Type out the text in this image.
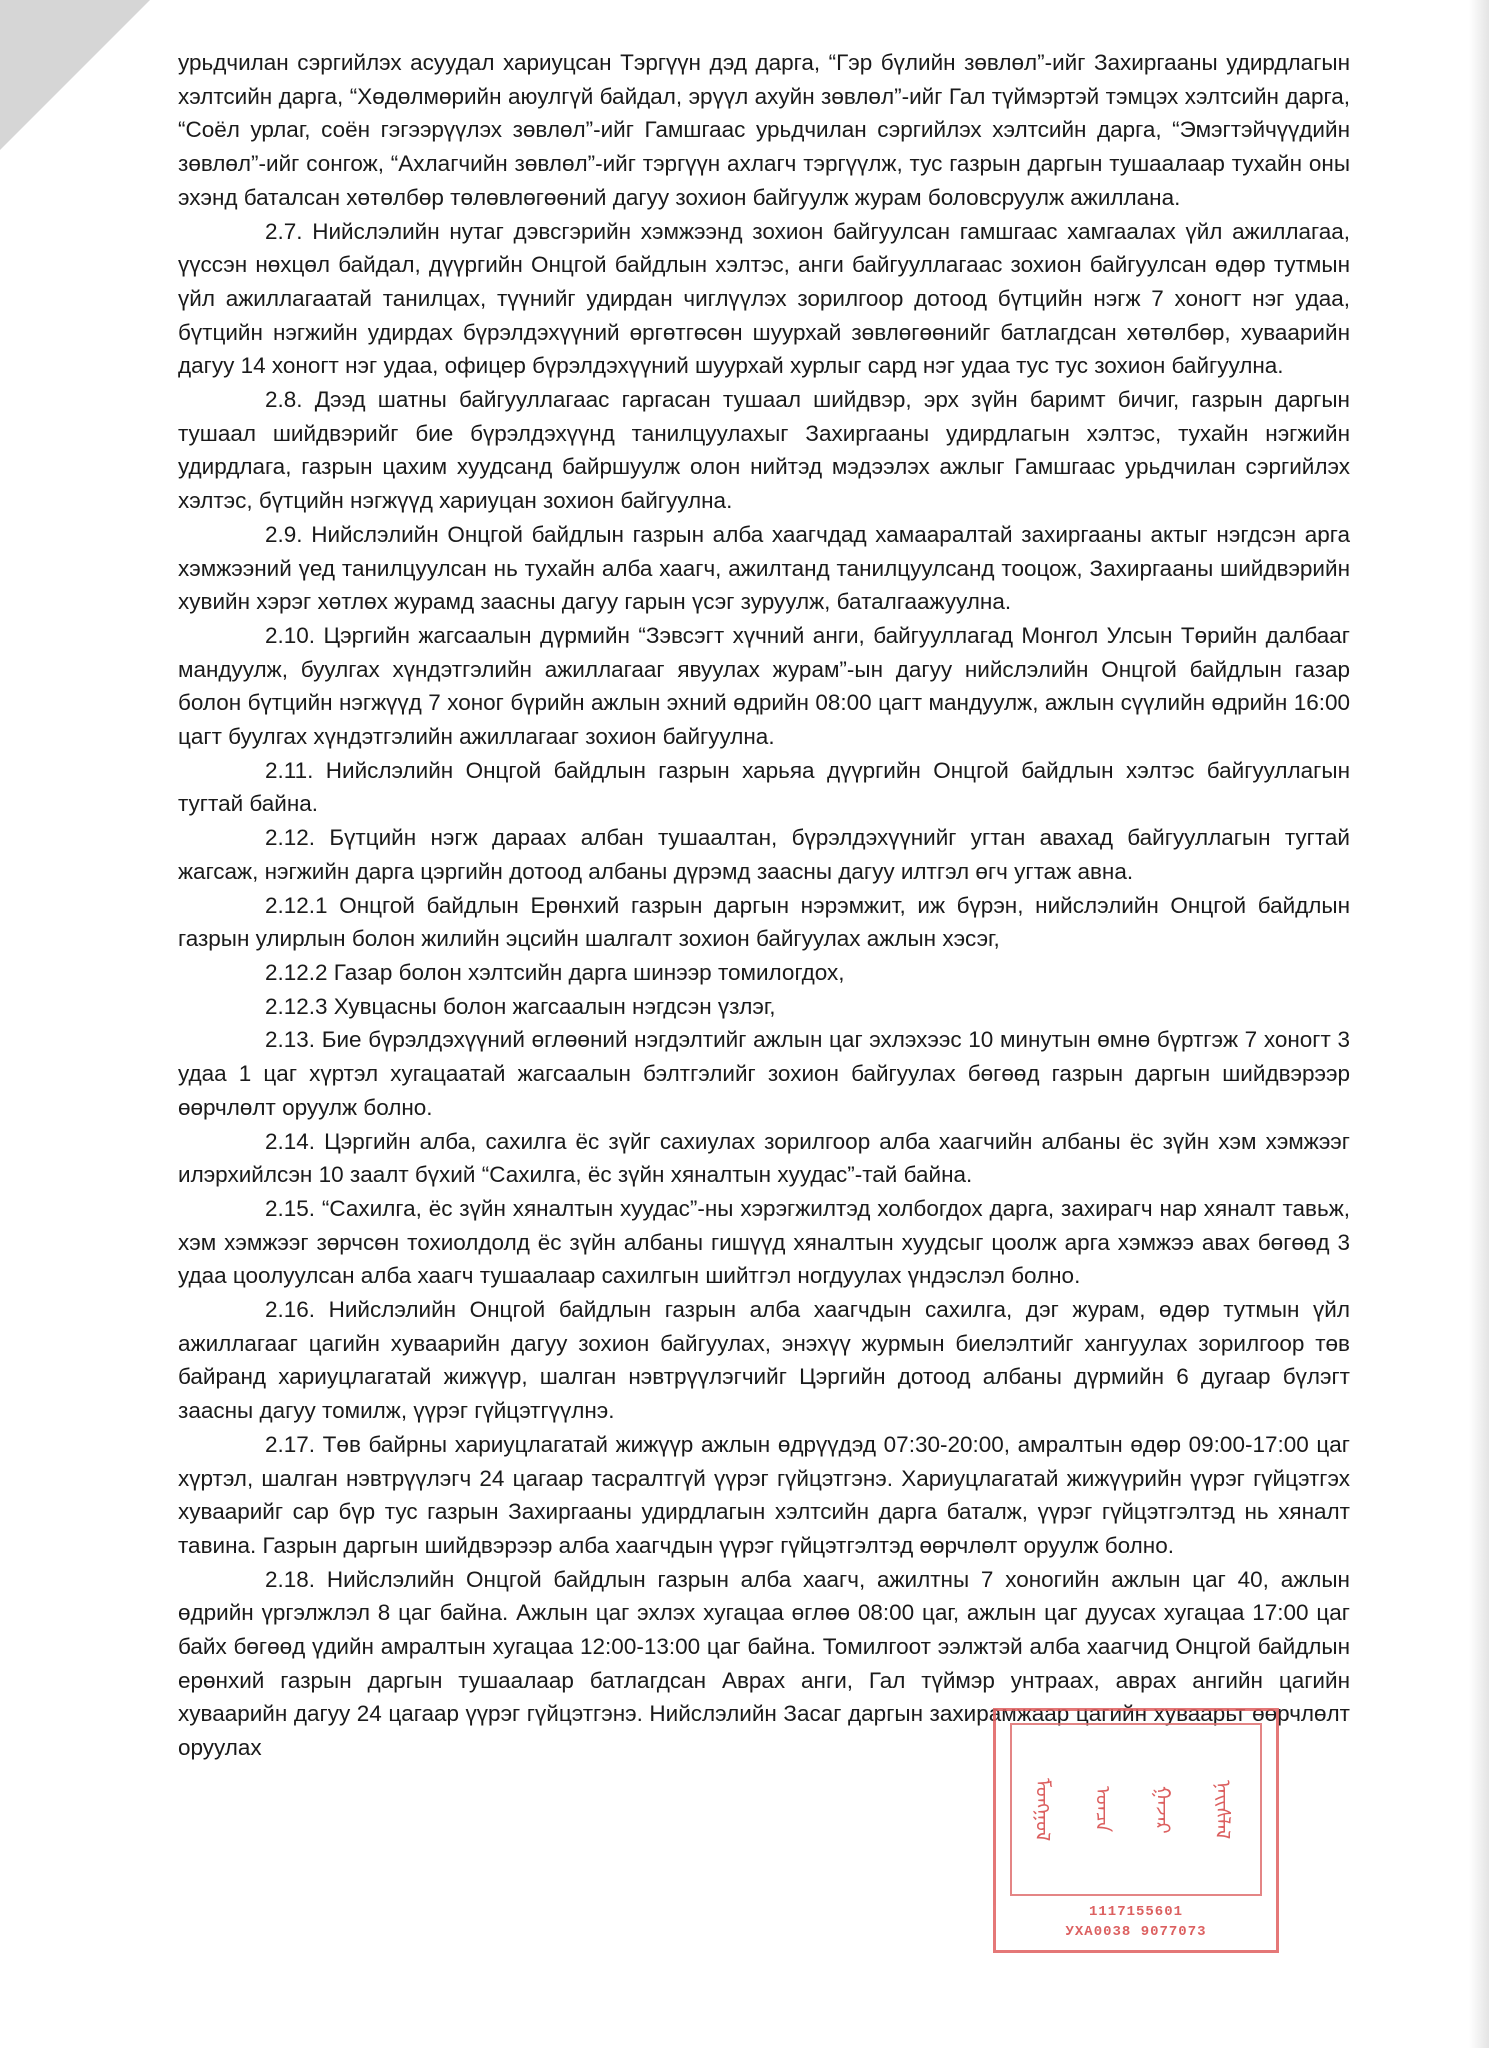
урьдчилан сэргийлэх асуудал хариуцсан Тэргүүн дэд дарга, “Гэр бүлийн зөвлөл”-ийг Захиргааны удирдлагын хэлтсийн дарга, “Хөдөлмөрийн аюулгүй байдал, эрүүл ахуйн зөвлөл”-ийг Гал түймэртэй тэмцэх хэлтсийн дарга, “Соёл урлаг, соён гэгээрүүлэх зөвлөл”-ийг Гамшгаас урьдчилан сэргийлэх хэлтсийн дарга, “Эмэгтэйчүүдийн зөвлөл”-ийг сонгож, “Ахлагчийн зөвлөл”-ийг тэргүүн ахлагч тэргүүлж, тус газрын даргын тушаалаар тухайн оны эхэнд баталсан хөтөлбөр төлөвлөгөөний дагуу зохион байгуулж журам боловсруулж ажиллана.

2.7. Нийслэлийн нутаг дэвсгэрийн хэмжээнд зохион байгуулсан гамшгаас хамгаалах үйл ажиллагаа, үүссэн нөхцөл байдал, дүүргийн Онцгой байдлын хэлтэс, анги байгууллагаас зохион байгуулсан өдөр тутмын үйл ажиллагаатай танилцах, түүнийг удирдан чиглүүлэх зорилгоор дотоод бүтцийн нэгж 7 хоногт нэг удаа, бүтцийн нэгжийн удирдах бүрэлдэхүүний өргөтгөсөн шуурхай зөвлөгөөнийг батлагдсан хөтөлбөр, хуваарийн дагуу 14 хоногт нэг удаа, офицер бүрэлдэхүүний шуурхай хурлыг сард нэг удаа тус тус зохион байгуулна.

2.8. Дээд шатны байгууллагаас гаргасан тушаал шийдвэр, эрх зүйн баримт бичиг, газрын даргын тушаал шийдвэрийг бие бүрэлдэхүүнд танилцуулахыг Захиргааны удирдлагын хэлтэс, тухайн нэгжийн удирдлага, газрын цахим хуудсанд байршуулж олон нийтэд мэдээлэх ажлыг Гамшгаас урьдчилан сэргийлэх хэлтэс, бүтцийн нэгжүүд хариуцан зохион байгуулна.

2.9. Нийслэлийн Онцгой байдлын газрын алба хаагчдад хамааралтай захиргааны актыг нэгдсэн арга хэмжээний үед танилцуулсан нь тухайн алба хаагч, ажилтанд танилцуулсанд тооцож, Захиргааны шийдвэрийн хувийн хэрэг хөтлөх журамд заасны дагуу гарын үсэг зуруулж, баталгаажуулна.

2.10. Цэргийн жагсаалын дүрмийн “Зэвсэгт хүчний анги, байгууллагад Монгол Улсын Төрийн далбааг мандуулж, буулгах хүндэтгэлийн ажиллагааг явуулах журам”-ын дагуу нийслэлийн Онцгой байдлын газар болон бүтцийн нэгжүүд 7 хоног бүрийн ажлын эхний өдрийн 08:00 цагт мандуулж, ажлын сүүлийн өдрийн 16:00 цагт буулгах хүндэтгэлийн ажиллагааг зохион байгуулна.

2.11. Нийслэлийн Онцгой байдлын газрын харьяа дүүргийн Онцгой байдлын хэлтэс байгууллагын тугтай байна.

2.12. Бүтцийн нэгж дараах албан тушаалтан, бүрэлдэхүүнийг угтан авахад байгууллагын тугтай жагсаж, нэгжийн дарга цэргийн дотоод албаны дүрэмд заасны дагуу илтгэл өгч угтаж авна.

2.12.1 Онцгой байдлын Ерөнхий газрын даргын нэрэмжит, иж бүрэн, нийслэлийн Онцгой байдлын газрын улирлын болон жилийн эцсийн шалгалт зохион байгуулах ажлын хэсэг,

2.12.2 Газар болон хэлтсийн дарга шинээр томилогдох,

2.12.3 Хувцасны болон жагсаалын нэгдсэн үзлэг,

2.13. Бие бүрэлдэхүүний өглөөний нэгдэлтийг ажлын цаг эхлэхээс 10 минутын өмнө бүртгэж 7 хоногт 3 удаа 1 цаг хүртэл хугацаатай жагсаалын бэлтгэлийг зохион байгуулах бөгөөд газрын даргын шийдвэрээр өөрчлөлт оруулж болно.

2.14. Цэргийн алба, сахилга ёс зүйг сахиулах зорилгоор алба хаагчийн албаны ёс зүйн хэм хэмжээг илэрхийлсэн 10 заалт бүхий “Сахилга, ёс зүйн хяналтын хуудас”-тай байна.

2.15. “Сахилга, ёс зүйн хяналтын хуудас”-ны хэрэгжилтэд холбогдох дарга, захирагч нар хяналт тавьж, хэм хэмжээг зөрчсөн тохиолдолд ёс зүйн албаны гишүүд хяналтын хуудсыг цоолж арга хэмжээ авах бөгөөд 3 удаа цоолуулсан алба хаагч тушаалаар сахилгын шийтгэл ногдуулах үндэслэл болно.

2.16. Нийслэлийн Онцгой байдлын газрын алба хаагчдын сахилга, дэг журам, өдөр тутмын үйл ажиллагааг цагийн хуваарийн дагуу зохион байгуулах, энэхүү журмын биелэлтийг хангуулах зорилгоор төв байранд хариуцлагатай жижүүр, шалган нэвтрүүлэгчийг Цэргийн дотоод албаны дүрмийн 6 дугаар бүлэгт заасны дагуу томилж, үүрэг гүйцэтгүүлнэ.

2.17. Төв байрны хариуцлагатай жижүүр ажлын өдрүүдэд 07:30-20:00, амралтын өдөр 09:00-17:00 цаг хүртэл, шалган нэвтрүүлэгч 24 цагаар тасралтгүй үүрэг гүйцэтгэнэ. Хариуцлагатай жижүүрийн үүрэг гүйцэтгэх хуваарийг сар бүр тус газрын Захиргааны удирдлагын хэлтсийн дарга баталж, үүрэг гүйцэтгэлтэд нь хяналт тавина. Газрын даргын шийдвэрээр алба хаагчдын үүрэг гүйцэтгэлтэд өөрчлөлт оруулж болно.

2.18. Нийслэлийн Онцгой байдлын газрын алба хаагч, ажилтны 7 хоногийн ажлын цаг 40, ажлын өдрийн үргэлжлэл 8 цаг байна. Ажлын цаг эхлэх хугацаа өглөө 08:00 цаг, ажлын цаг дуусах хугацаа 17:00 цаг байх бөгөөд үдийн амралтын хугацаа 12:00-13:00 цаг байна. Томилгоот ээлжтэй алба хаагчид Онцгой байдлын ерөнхий газрын даргын тушаалаар батлагдсан Аврах анги, Гал түймэр унтраах, аврах ангийн цагийн хуваарийн дагуу 24 цагаар үүрэг гүйцэтгэнэ. Нийслэлийн Засаг даргын захирамжаар цагийн хуваарьт өөрчлөлт оруулах

ᠮᠣᠩᠭᠣᠯ ᠣᠨᠴᠠ ᠭᠠᠵᠠᠷ ᠨᠡᠢᠰᠯᠡᠯ
1117155601
УХА0038 9077073
